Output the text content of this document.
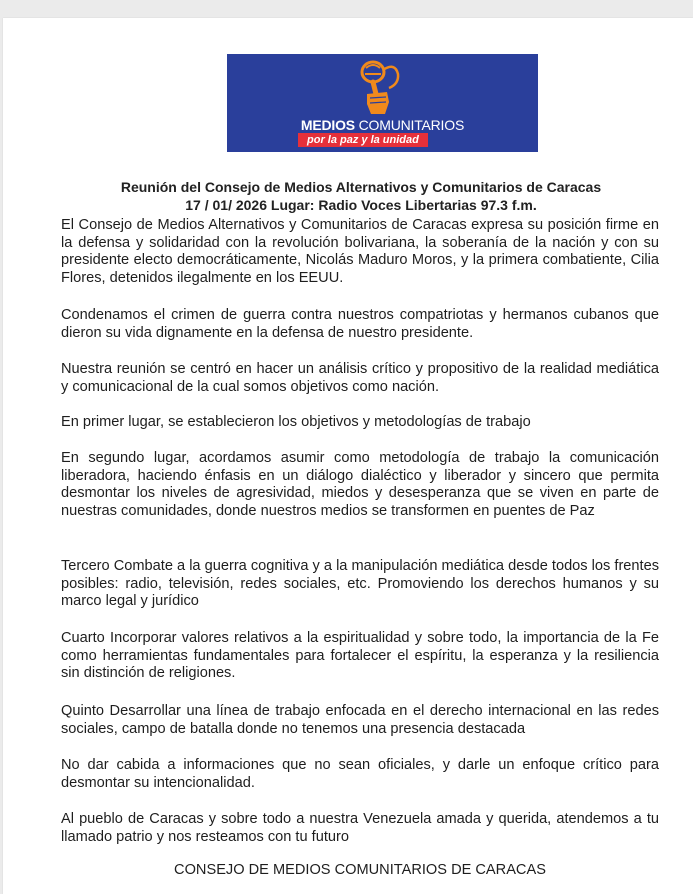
MEDIOS COMUNITARIOS
por la paz y la unidad
Reunión del Consejo de Medios Alternativos y Comunitarios de Caracas
17 / 01/ 2026 Lugar: Radio Voces Libertarias 97.3 f.m.
El Consejo de Medios Alternativos y Comunitarios de Caracas expresa su posición firme en la defensa y solidaridad con la revolución bolivariana, la soberanía de la nación y con su presidente electo democráticamente, Nicolás Maduro Moros, y la primera combatiente, Cilia Flores, detenidos ilegalmente en los EEUU.
Condenamos el crimen de guerra contra nuestros compatriotas y hermanos cubanos que dieron su vida dignamente en la defensa de nuestro presidente.
Nuestra reunión se centró en hacer un análisis crítico y propositivo de la realidad mediática y comunicacional de la cual somos objetivos como nación.
En primer lugar, se establecieron los objetivos y metodologías de trabajo
En segundo lugar, acordamos asumir como metodología de trabajo la comunicación liberadora, haciendo énfasis en un diálogo dialéctico y liberador y sincero que permita desmontar los niveles de agresividad, miedos y desesperanza que se viven en parte de nuestras comunidades, donde nuestros medios se transformen en puentes de Paz
Tercero Combate a la guerra cognitiva y a la manipulación mediática desde todos los frentes posibles: radio, televisión, redes sociales, etc. Promoviendo los derechos humanos y su marco legal y jurídico
Cuarto Incorporar valores relativos a la espiritualidad y sobre todo, la importancia de la Fe como herramientas fundamentales para fortalecer el espíritu, la esperanza y la resiliencia sin distinción de religiones.
Quinto Desarrollar una línea de trabajo enfocada en el derecho internacional en las redes sociales, campo de batalla donde no tenemos una presencia destacada
No dar cabida a informaciones que no sean oficiales, y darle un enfoque crítico para desmontar su intencionalidad.
Al pueblo de Caracas y sobre todo a nuestra Venezuela amada y querida, atendemos a tu llamado patrio y nos resteamos con tu futuro
CONSEJO DE MEDIOS COMUNITARIOS DE CARACAS
